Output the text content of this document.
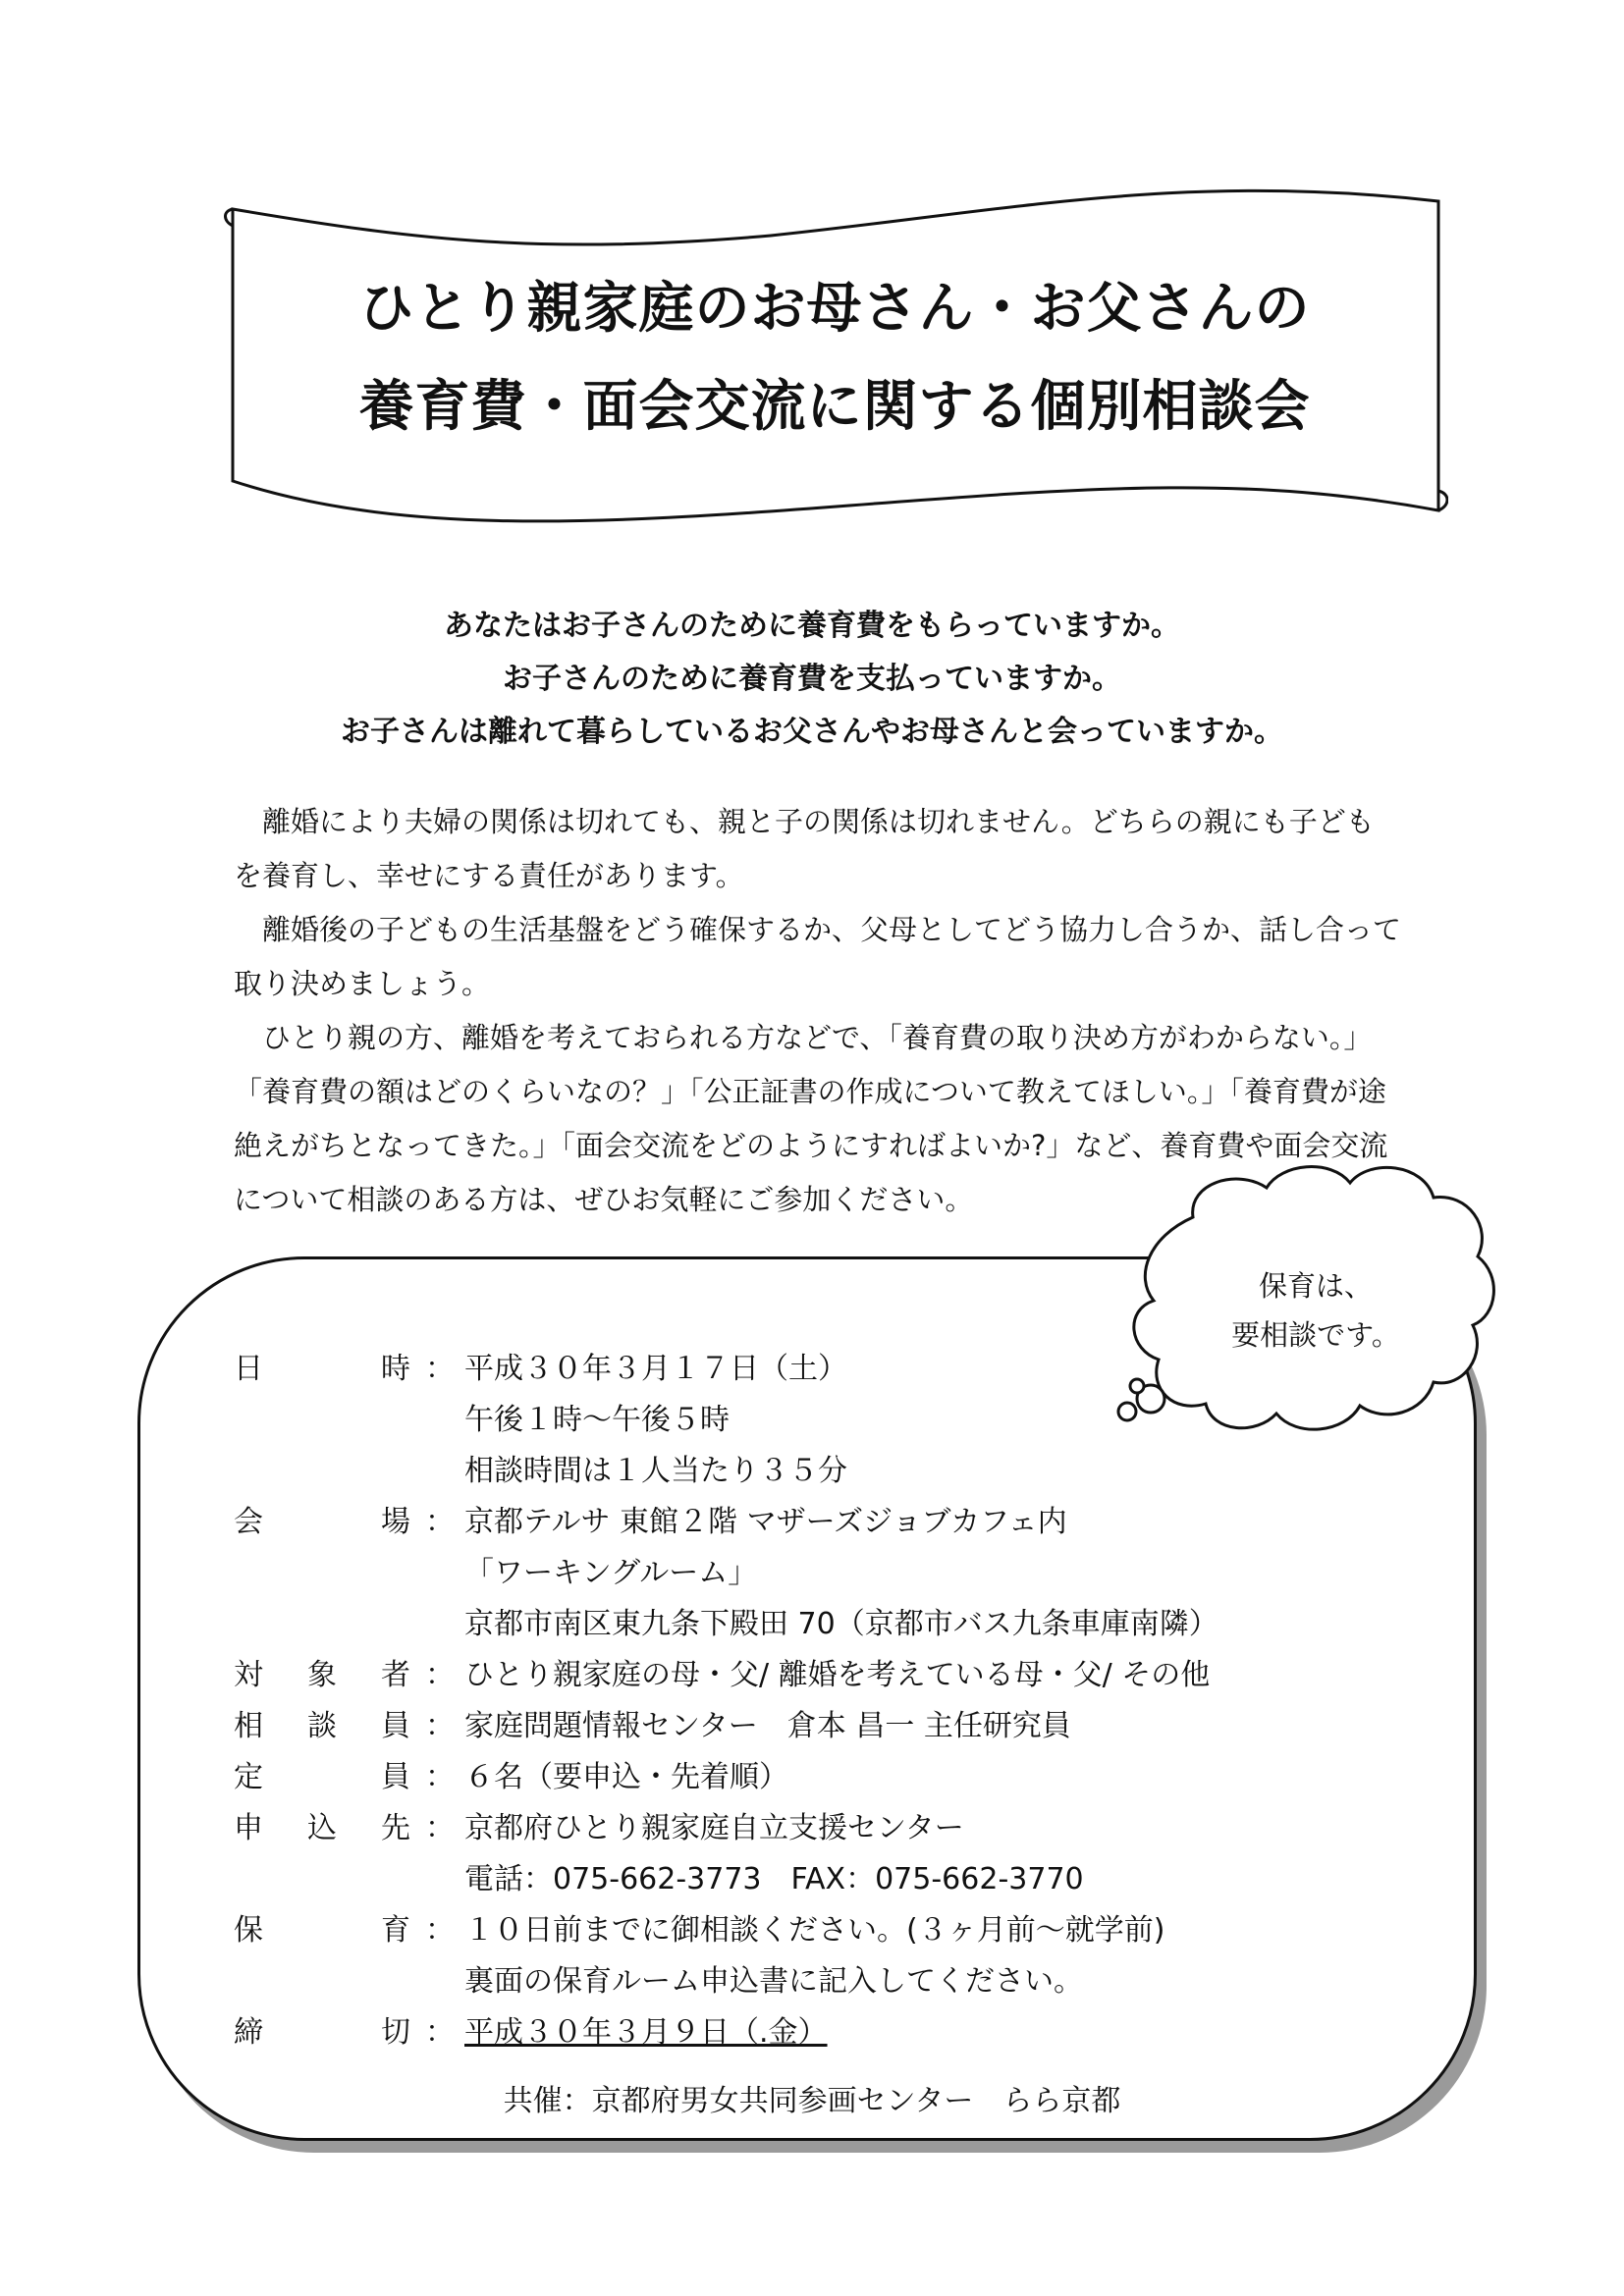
ひとり親家庭のお母さん・お父さんの
養育費・面会交流に関する個別相談会
あなたはお子さんのために養育費をもらっていますか。
お子さんのために養育費を支払っていますか。
お子さんは離れて暮らしているお父さんやお母さんと会っていますか。

離婚により夫婦の関係は切れても、親と子の関係は切れません。どちらの親にも子どもを養育し、幸せにする責任があります。

離婚後の子どもの生活基盤をどう確保するか、父母としてどう協力し合うか、話し合って取り決めましょう。

ひとり親の方、離婚を考えておられる方などで、「養育費の取り決め方がわからない。」「養育費の額はどのくらいなの？」「公正証書の作成について教えてほしい。」「養育費が途絶えがちとなってきた。」「面会交流をどのようにすればよいか?」など、養育費や面会交流について相談のある方は、ぜひお気軽にご参加ください。

保育は、
要相談です。
日	時 ： 平成３０年３月１７日（土）
午後１時～午後５時
相談時間は１人当たり３５分
会	場 ： 京都テルサ 東館２階 マザーズジョブカフェ内
「ワーキングルーム」
京都市南区東九条下殿田 70（京都市バス九条車庫南隣）
対 象 者 ： ひとり親家庭の母・父/ 離婚を考えている母・父/ その他
相 談 員 ： 家庭問題情報センター　倉本 昌一 主任研究員
定	員 ： ６名（要申込・先着順）
申 込 先 ： 京都府ひとり親家庭自立支援センター
電話：075-662-3773　FAX：075-662-3770
保	育 ： １０日前までに御相談ください。(３ヶ月前～就学前)
裏面の保育ルーム申込書に記入してください。
締	切 ： 平成３０年３月９日（.金）
共催：京都府男女共同参画センター　らら京都
